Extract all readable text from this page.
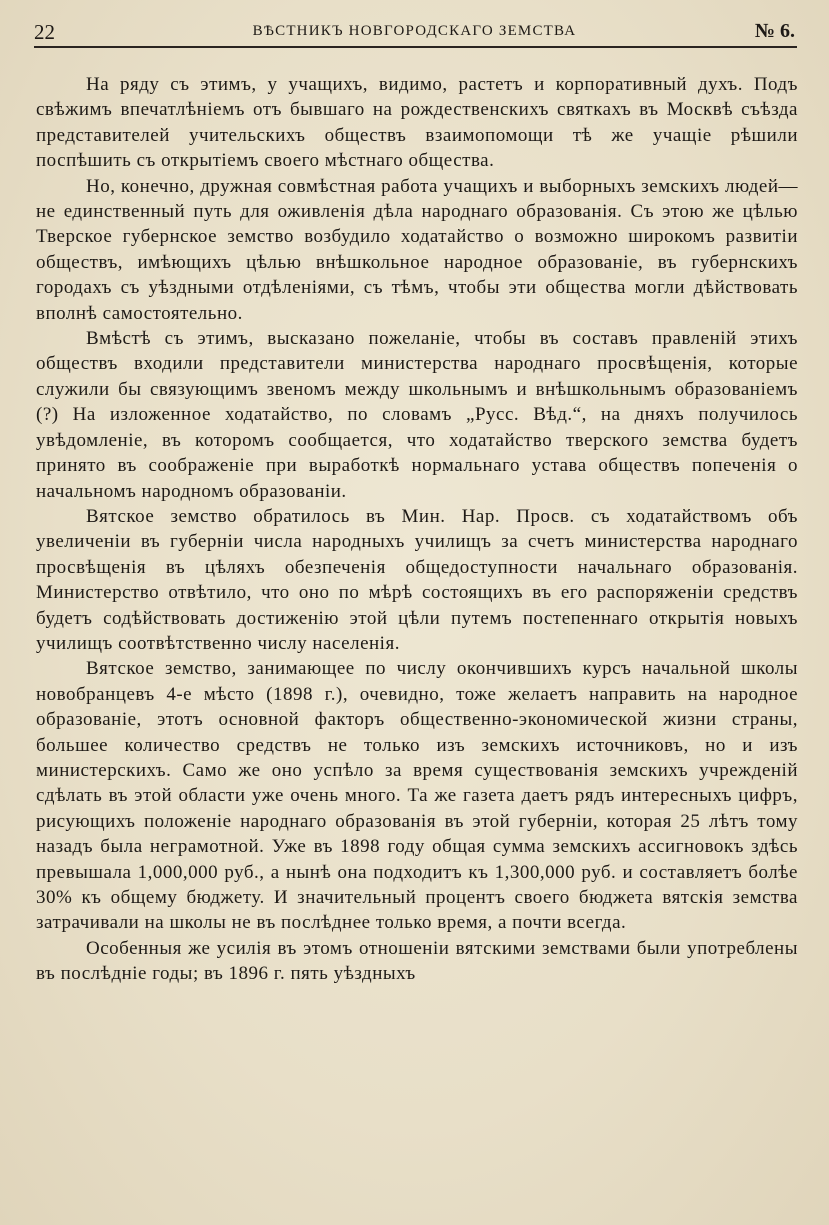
22	ВѢСТНИКЪ НОВГОРОДСКАГО ЗЕМСТВА	№ 6.

На ряду съ этимъ, у учащихъ, видимо, растетъ и корпоративный духъ. Подъ свѣжимъ впечатлѣніемъ отъ бывшаго на рождественскихъ святкахъ въ Москвѣ съѣзда представителей учительскихъ обществъ взаимопомощи тѣ же учащіе рѣшили поспѣшить съ открытіемъ своего мѣстнаго общества.

Но, конечно, дружная совмѣстная работа учащихъ и выборныхъ земскихъ людей—не единственный путь для оживленія дѣла народнаго образованія. Съ этою же цѣлью Тверское губернское земство возбудило ходатайство о возможно широкомъ развитіи обществъ, имѣющихъ цѣлью внѣшкольное народное образованіе, въ губернскихъ городахъ съ уѣздными отдѣленіями, съ тѣмъ, чтобы эти общества могли дѣйствовать вполнѣ самостоятельно.

Вмѣстѣ съ этимъ, высказано пожеланіе, чтобы въ составъ правленій этихъ обществъ входили представители министерства народнаго просвѣщенія, которые служили бы связующимъ звеномъ между школьнымъ и внѣшкольнымъ образованіемъ (?) На изложенное ходатайство, по словамъ „Русс. Вѣд.“, на дняхъ получилось увѣдомленіе, въ которомъ сообщается, что ходатайство тверского земства будетъ принято въ соображеніе при выработкѣ нормальнаго устава обществъ попеченія о начальномъ народномъ образованіи.

Вятское земство обратилось въ Мин. Нар. Просв. съ ходатайствомъ объ увеличеніи въ губерніи числа народныхъ училищъ за счетъ министерства народнаго просвѣщенія въ цѣляхъ обезпеченія общедоступности начальнаго образованія. Министерство отвѣтило, что оно по мѣрѣ состоящихъ въ его распоряженіи средствъ будетъ содѣйствовать достиженію этой цѣли путемъ постепеннаго открытія новыхъ училищъ соотвѣтственно числу населенія.

Вятское земство, занимающее по числу окончившихъ курсъ начальной школы новобранцевъ 4-е мѣсто (1898 г.), очевидно, тоже желаетъ направить на народное образованіе, этотъ основной факторъ общественно-экономической жизни страны, большее количество средствъ не только изъ земскихъ источниковъ, но и изъ министерскихъ. Само же оно успѣло за время существованія земскихъ учрежденій сдѣлать въ этой области уже очень много. Та же газета даетъ рядъ интересныхъ цифръ, рисующихъ положеніе народнаго образованія въ этой губерніи, которая 25 лѣтъ тому назадъ была неграмотной. Уже въ 1898 году общая сумма земскихъ ассигновокъ здѣсь превышала 1,000,000 руб., а нынѣ она подходитъ къ 1,300,000 руб. и составляетъ болѣе 30% къ общему бюджету. И значительный процентъ своего бюджета вятскія земства затрачивали на школы не въ послѣднее только время, а почти всегда.

Особенныя же усилія въ этомъ отношеніи вятскими земствами были употреблены въ послѣдніе годы; въ 1896 г. пять уѣздныхъ
